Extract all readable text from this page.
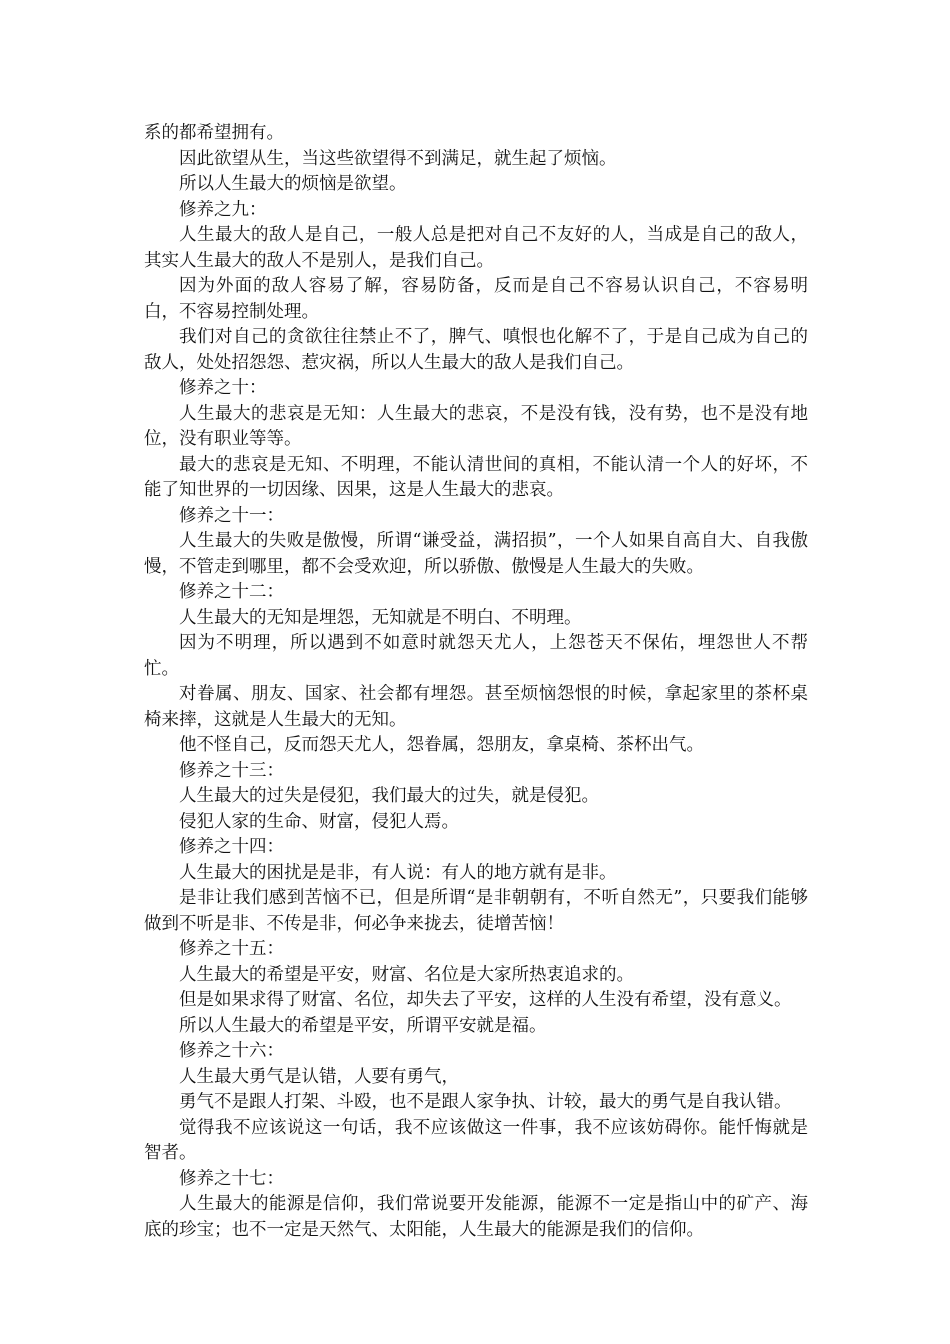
系的都希望拥有。

因此欲望从生，当这些欲望得不到满足，就生起了烦恼。

所以人生最大的烦恼是欲望。

修养之九：

人生最大的敌人是自己，一般人总是把对自己不友好的人，当成是自己的敌人，其实人生最大的敌人不是别人，是我们自己。

因为外面的敌人容易了解，容易防备，反而是自己不容易认识自己，不容易明白，不容易控制处理。

我们对自己的贪欲往往禁止不了，脾气、嗔恨也化解不了，于是自己成为自己的敌人，处处招怨怨、惹灾祸，所以人生最大的敌人是我们自己。

修养之十：

人生最大的悲哀是无知：人生最大的悲哀，不是没有钱，没有势，也不是没有地位，没有职业等等。

最大的悲哀是无知、不明理，不能认清世间的真相，不能认清一个人的好坏，不能了知世界的一切因缘、因果，这是人生最大的悲哀。

修养之十一：

人生最大的失败是傲慢，所谓“谦受益，满招损”，一个人如果自高自大、自我傲慢，不管走到哪里，都不会受欢迎，所以骄傲、傲慢是人生最大的失败。

修养之十二：

人生最大的无知是埋怨，无知就是不明白、不明理。

因为不明理，所以遇到不如意时就怨天尤人，上怨苍天不保佑，埋怨世人不帮忙。

对眷属、朋友、国家、社会都有埋怨。甚至烦恼怨恨的时候，拿起家里的茶杯桌椅来摔，这就是人生最大的无知。

他不怪自己，反而怨天尤人，怨眷属，怨朋友，拿桌椅、茶杯出气。

修养之十三：

人生最大的过失是侵犯，我们最大的过失，就是侵犯。

侵犯人家的生命、财富，侵犯人焉。

修养之十四：

人生最大的困扰是是非，有人说：有人的地方就有是非。

是非让我们感到苦恼不已，但是所谓“是非朝朝有，不听自然无”，只要我们能够做到不听是非、不传是非，何必争来拢去，徒增苦恼！

修养之十五：

人生最大的希望是平安，财富、名位是大家所热衷追求的。

但是如果求得了财富、名位，却失去了平安，这样的人生没有希望，没有意义。

所以人生最大的希望是平安，所谓平安就是福。

修养之十六：

人生最大勇气是认错，人要有勇气，

勇气不是跟人打架、斗殴，也不是跟人家争执、计较，最大的勇气是自我认错。

觉得我不应该说这一句话，我不应该做这一件事，我不应该妨碍你。能忏悔就是智者。

修养之十七：

人生最大的能源是信仰，我们常说要开发能源，能源不一定是指山中的矿产、海底的珍宝；也不一定是天然气、太阳能，人生最大的能源是我们的信仰。
